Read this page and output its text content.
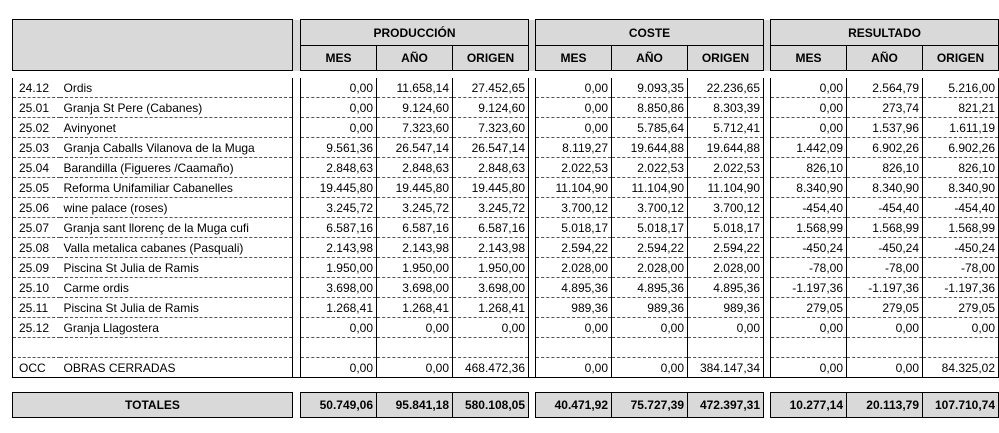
			PRODUCCIÓN				COSTE				RESULTADO		
			MES	AÑO	ORIGEN		MES	AÑO	ORIGEN		MES	AÑO	ORIGEN

24.12	Ordis		0,00	11.658,14	27.452,65		0,00	9.093,35	22.236,65		0,00	2.564,79	5.216,00
25.01	Granja St Pere (Cabanes)		0,00	9.124,60	9.124,60		0,00	8.850,86	8.303,39		0,00	273,74	821,21
25.02	Avinyonet		0,00	7.323,60	7.323,60		0,00	5.785,64	5.712,41		0,00	1.537,96	1.611,19
25.03	Granja Caballs Vilanova de la Muga		9.561,36	26.547,14	26.547,14		8.119,27	19.644,88	19.644,88		1.442,09	6.902,26	6.902,26
25.04	Barandilla (Figueres /Caamaño)		2.848,63	2.848,63	2.848,63		2.022,53	2.022,53	2.022,53		826,10	826,10	826,10
25.05	Reforma Unifamiliar Cabanelles		19.445,80	19.445,80	19.445,80		11.104,90	11.104,90	11.104,90		8.340,90	8.340,90	8.340,90
25.06	wine palace (roses)		3.245,72	3.245,72	3.245,72		3.700,12	3.700,12	3.700,12		-454,40	-454,40	-454,40
25.07	Granja sant llorenç de la Muga cufi		6.587,16	6.587,16	6.587,16		5.018,17	5.018,17	5.018,17		1.568,99	1.568,99	1.568,99
25.08	Valla metalica cabanes (Pasquali)		2.143,98	2.143,98	2.143,98		2.594,22	2.594,22	2.594,22		-450,24	-450,24	-450,24
25.09	Piscina St Julia de Ramis		1.950,00	1.950,00	1.950,00		2.028,00	2.028,00	2.028,00		-78,00	-78,00	-78,00
25.10	Carme ordis		3.698,00	3.698,00	3.698,00		4.895,36	4.895,36	4.895,36		-1.197,36	-1.197,36	-1.197,36
25.11	Piscina St Julia de Ramis		1.268,41	1.268,41	1.268,41		989,36	989,36	989,36		279,05	279,05	279,05
25.12	Granja Llagostera		0,00	0,00	0,00		0,00	0,00	0,00		0,00	0,00	0,00

OCC	OBRAS CERRADAS		0,00	0,00	468.472,36		0,00	0,00	384.147,34		0,00	0,00	84.325,02

TOTALES			50.749,06	95.841,18	580.108,05		40.471,92	75.727,39	472.397,31		10.277,14	20.113,79	107.710,74
